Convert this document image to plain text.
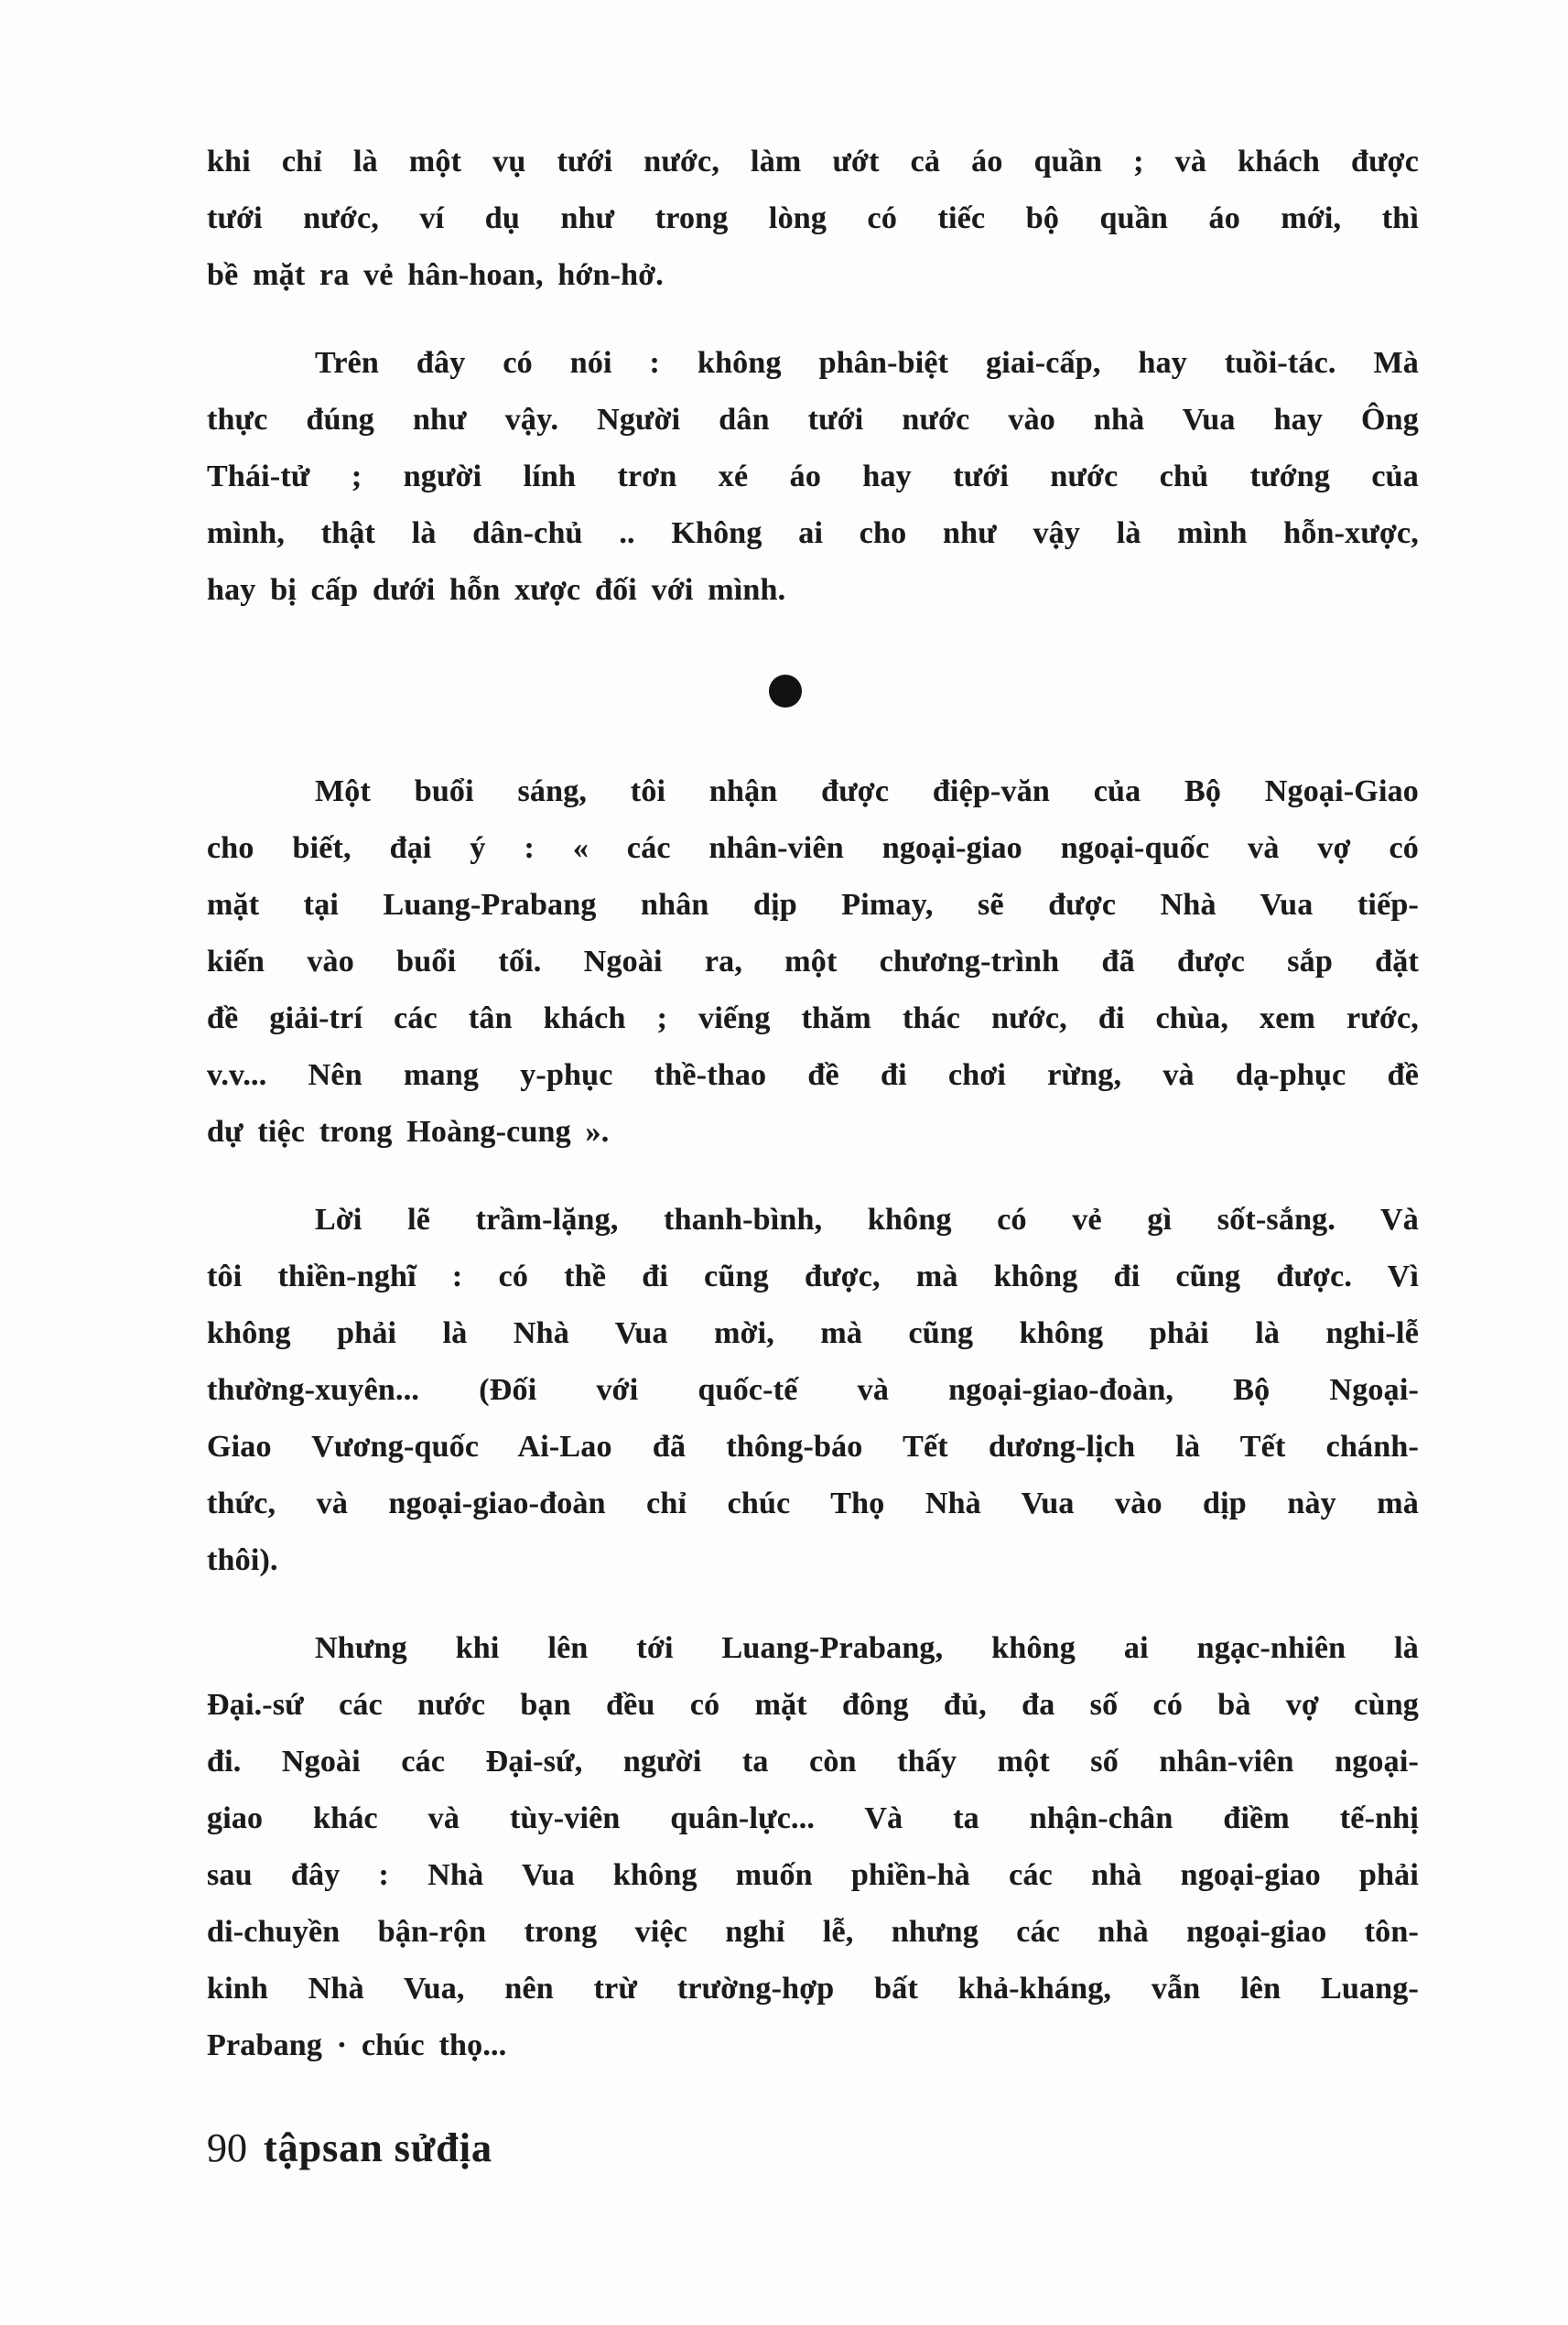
khi chỉ là một vụ tưới nước, làm ướt cả áo quần ; và khách được
tưới nước, ví dụ như trong lòng có tiếc bộ quần áo mới, thì
bề mặt ra vẻ hân-hoan, hớn-hở.
Trên đây có nói : không phân-biệt giai-cấp, hay tuồi-tác. Mà
thực đúng như vậy. Người dân tưới nước vào nhà Vua hay Ông
Thái-tử ; người lính trơn xé áo hay tưới nước chủ tướng của
mình, thật là dân-chủ .. Không ai cho như vậy là mình hỗn-xược,
hay bị cấp dưới hỗn xược đối với mình.
Một buổi sáng, tôi nhận được điệp-văn của Bộ Ngoại-Giao
cho biết, đại ý : « các nhân-viên ngoại-giao ngoại-quốc và vợ có
mặt tại Luang-Prabang nhân dịp Pimay, sẽ được Nhà Vua tiếp-
kiến vào buổi tối. Ngoài ra, một chương-trình đã được sắp đặt
đề giải-trí các tân khách ; viếng thăm thác nước, đi chùa, xem rước,
v.v... Nên mang y-phục thề-thao đề đi chơi rừng, và dạ-phục đề
dự tiệc trong Hoàng-cung ».
Lời lẽ trầm-lặng, thanh-bình, không có vẻ gì sốt-sắng. Và
tôi thiền-nghĩ : có thề đi cũng được, mà không đi cũng được. Vì
không phải là Nhà Vua mời, mà cũng không phải là nghi-lễ
thường-xuyên... (Đối với quốc-tế và ngoại-giao-đoàn, Bộ Ngoại-
Giao Vương-quốc Ai-Lao đã thông-báo Tết dương-lịch là Tết chánh-
thức, và ngoại-giao-đoàn chỉ chúc Thọ Nhà Vua vào dịp này mà
thôi).
Nhưng khi lên tới Luang-Prabang, không ai ngạc-nhiên là
Đại.-sứ các nước bạn đều có mặt đông đủ, đa số có bà vợ cùng
đi. Ngoài các Đại-sứ, người ta còn thấy một số nhân-viên ngoại-
giao khác và tùy-viên quân-lực... Và ta nhận-chân điềm tế-nhị
sau đây : Nhà Vua không muốn phiền-hà các nhà ngoại-giao phải
di-chuyền bận-rộn trong việc nghỉ lễ, nhưng các nhà ngoại-giao tôn-
kinh Nhà Vua, nên trừ trường-hợp bất khả-kháng, vẫn lên Luang-
Prabang · chúc thọ...
90 tậpsan sửđịa
